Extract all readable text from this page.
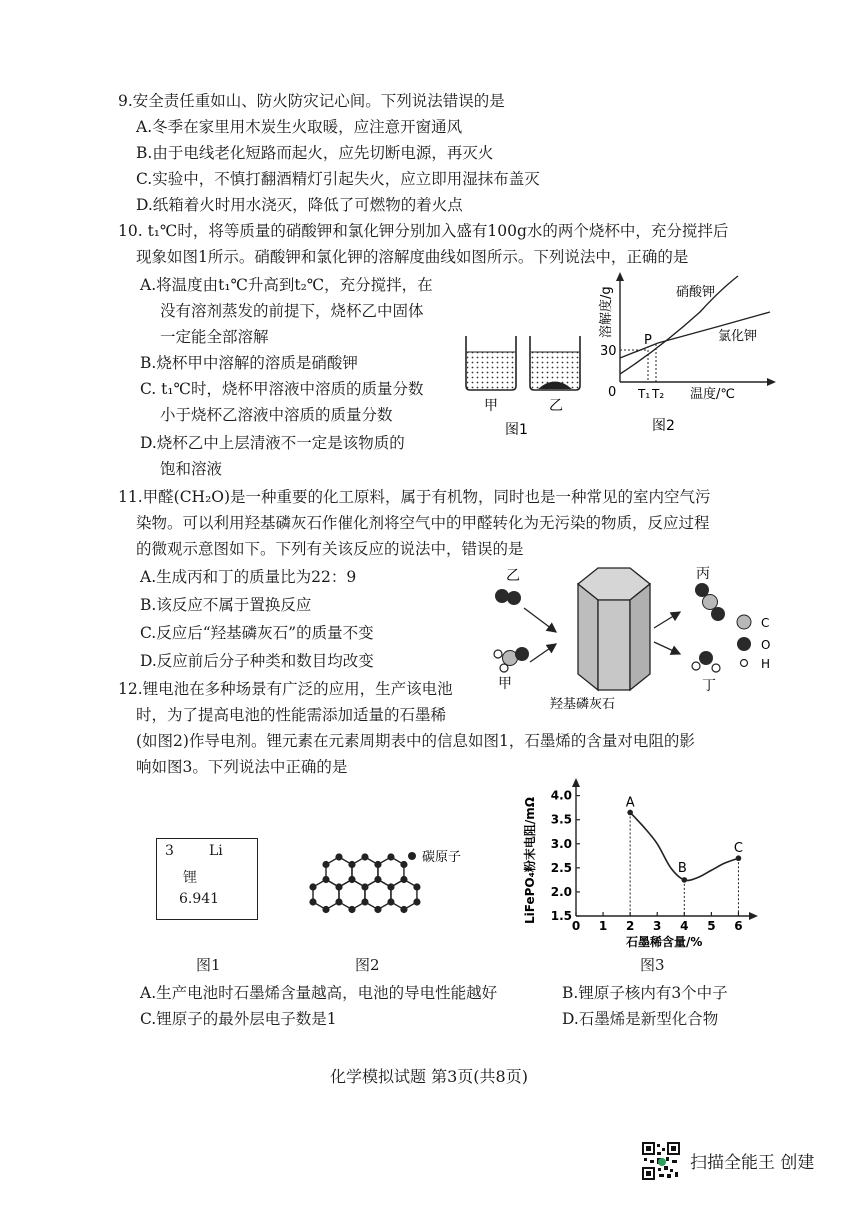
9.安全责任重如山、防火防灾记心间。下列说法错误的是
A.冬季在家里用木炭生火取暖，应注意开窗通风
B.由于电线老化短路而起火，应先切断电源，再灭火
C.实验中，不慎打翻酒精灯引起失火，应立即用湿抹布盖灭
D.纸箱着火时用水浇灭，降低了可燃物的着火点
10. t₁℃时，将等质量的硝酸钾和氯化钾分别加入盛有100g水的两个烧杯中，充分搅拌后
现象如图1所示。硝酸钾和氯化钾的溶解度曲线如图所示。下列说法中，正确的是
A.将温度由t₁℃升高到t₂℃，充分搅拌，在
没有溶剂蒸发的前提下，烧杯乙中固体
一定能全部溶解
B.烧杯甲中溶解的溶质是硝酸钾
C. t₁℃时，烧杯甲溶液中溶质的质量分数
小于烧杯乙溶液中溶质的质量分数
D.烧杯乙中上层清液不一定是该物质的
饱和溶液
甲	乙
图1
溶解度/g
0
30
P
T₁ T₂ 温度/℃
硝酸钾
氯化钾
图2
11.甲醛(CH₂O)是一种重要的化工原料，属于有机物，同时也是一种常见的室内空气污
染物。可以利用羟基磷灰石作催化剂将空气中的甲醛转化为无污染的物质，反应过程
的微观示意图如下。下列有关该反应的说法中，错误的是
A.生成丙和丁的质量比为22：9
B.该反应不属于置换反应
C.反应后“羟基磷灰石”的质量不变
D.反应前后分子种类和数目均改变
乙
甲
羟基磷灰石
丙
丁
C
O
H
12.锂电池在多种场景有广泛的应用，生产该电池
时，为了提高电池的性能需添加适量的石墨稀
(如图2)作导电剂。锂元素在元素周期表中的信息如图1，石墨烯的含量对电阻的影
响如图3。下列说法中正确的是
3	Li
锂
6.941
图1
碳原子
图2
1.5
2.0
2.5
3.0
3.5
4.0
0 1 2 3 4 5 6
A
B
C
LiFePO₄粉末电阻/mΩ
石墨稀含量/%
图3
A.生产电池时石墨烯含量越高，电池的导电性能越好	B.锂原子核内有3个中子
C.锂原子的最外层电子数是1	D.石墨烯是新型化合物
化学模拟试题 第3页(共8页)
扫描全能王 创建
